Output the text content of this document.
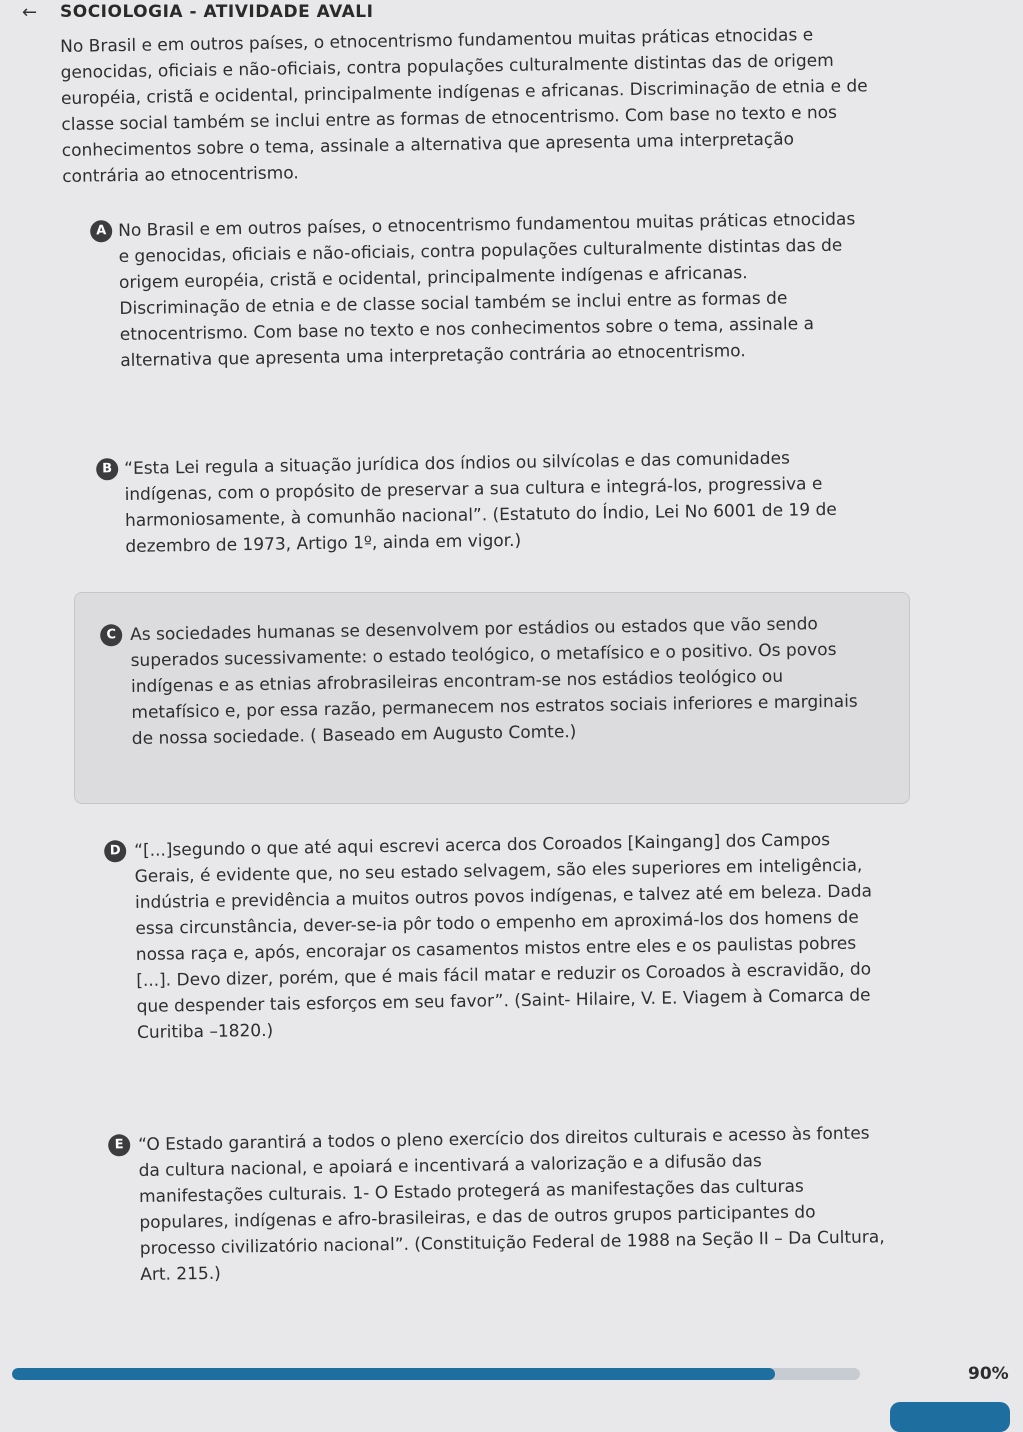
← SOCIOLOGIA - ATIVIDADE AVALI
No Brasil e em outros países, o etnocentrismo fundamentou muitas práticas etnocidas e genocidas, oficiais e não-oficiais, contra populações culturalmente distintas das de origem européia, cristã e ocidental, principalmente indígenas e africanas. Discriminação de etnia e de classe social também se inclui entre as formas de etnocentrismo. Com base no texto e nos conhecimentos sobre o tema, assinale a alternativa que apresenta uma interpretação contrária ao etnocentrismo.
A No Brasil e em outros países, o etnocentrismo fundamentou muitas práticas etnocidas e genocidas, oficiais e não-oficiais, contra populações culturalmente distintas das de origem européia, cristã e ocidental, principalmente indígenas e africanas. Discriminação de etnia e de classe social também se inclui entre as formas de etnocentrismo. Com base no texto e nos conhecimentos sobre o tema, assinale a alternativa que apresenta uma interpretação contrária ao etnocentrismo.
B “Esta Lei regula a situação jurídica dos índios ou silvícolas e das comunidades indígenas, com o propósito de preservar a sua cultura e integrá-los, progressiva e harmoniosamente, à comunhão nacional”. (Estatuto do Índio, Lei No 6001 de 19 de dezembro de 1973, Artigo 1º, ainda em vigor.)
C As sociedades humanas se desenvolvem por estádios ou estados que vão sendo superados sucessivamente: o estado teológico, o metafísico e o positivo. Os povos indígenas e as etnias afrobrasileiras encontram-se nos estádios teológico ou metafísico e, por essa razão, permanecem nos estratos sociais inferiores e marginais de nossa sociedade. ( Baseado em Augusto Comte.)
D “[...]segundo o que até aqui escrevi acerca dos Coroados [Kaingang] dos Campos Gerais, é evidente que, no seu estado selvagem, são eles superiores em inteligência, indústria e previdência a muitos outros povos indígenas, e talvez até em beleza. Dada essa circunstância, dever-se-ia pôr todo o empenho em aproximá-los dos homens de nossa raça e, após, encorajar os casamentos mistos entre eles e os paulistas pobres [...]. Devo dizer, porém, que é mais fácil matar e reduzir os Coroados à escravidão, do que despender tais esforços em seu favor”. (Saint- Hilaire, V. E. Viagem à Comarca de Curitiba –1820.)
E “O Estado garantirá a todos o pleno exercício dos direitos culturais e acesso às fontes da cultura nacional, e apoiará e incentivará a valorização e a difusão das manifestações culturais. 1- O Estado protegerá as manifestações das culturas populares, indígenas e afro-brasileiras, e das de outros grupos participantes do processo civilizatório nacional”. (Constituição Federal de 1988 na Seção II – Da Cultura, Art. 215.)
90%
